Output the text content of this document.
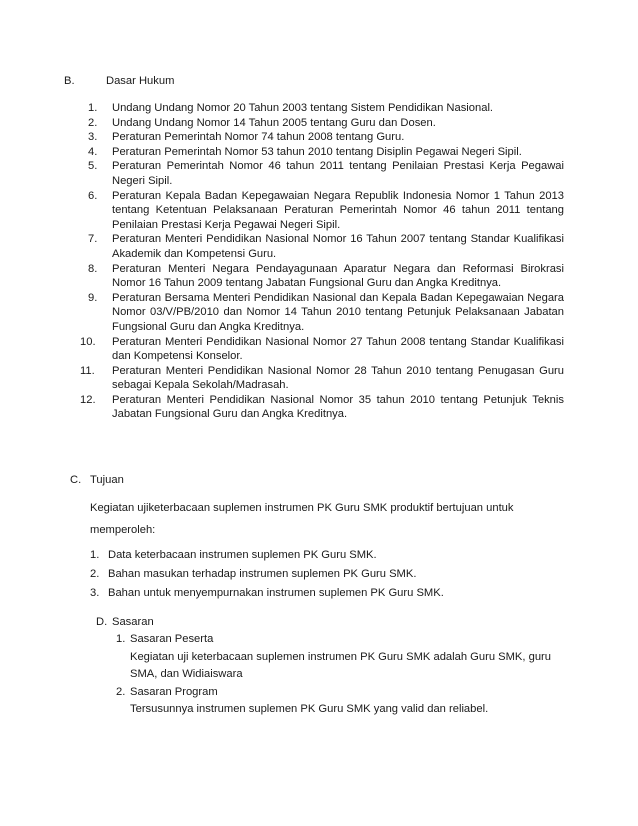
B.	Dasar Hukum
1.	Undang Undang Nomor 20 Tahun 2003 tentang Sistem Pendidikan Nasional.
2.	Undang Undang Nomor 14 Tahun 2005 tentang Guru dan Dosen.
3.	Peraturan Pemerintah Nomor 74 tahun 2008 tentang Guru.
4.	Peraturan Pemerintah Nomor 53 tahun 2010 tentang Disiplin Pegawai Negeri Sipil.
5.	Peraturan Pemerintah Nomor 46 tahun 2011 tentang Penilaian Prestasi Kerja Pegawai Negeri Sipil.
6.	Peraturan Kepala Badan Kepegawaian Negara Republik Indonesia Nomor 1 Tahun 2013 tentang Ketentuan Pelaksanaan Peraturan Pemerintah Nomor 46 tahun 2011 tentang Penilaian Prestasi Kerja Pegawai Negeri Sipil.
7.	Peraturan Menteri Pendidikan Nasional Nomor 16 Tahun 2007 tentang Standar Kualifikasi Akademik dan Kompetensi Guru.
8.	Peraturan Menteri Negara Pendayagunaan Aparatur Negara dan Reformasi Birokrasi Nomor 16 Tahun 2009 tentang Jabatan Fungsional Guru dan Angka Kreditnya.
9.	Peraturan Bersama Menteri Pendidikan Nasional dan Kepala Badan Kepegawaian Negara Nomor 03/V/PB/2010 dan Nomor 14 Tahun 2010 tentang Petunjuk Pelaksanaan Jabatan Fungsional Guru dan Angka Kreditnya.
10.	Peraturan Menteri Pendidikan Nasional Nomor 27 Tahun 2008 tentang Standar Kualifikasi dan Kompetensi Konselor.
11.	Peraturan Menteri Pendidikan Nasional Nomor 28 Tahun 2010 tentang Penugasan Guru sebagai Kepala Sekolah/Madrasah.
12.	Peraturan Menteri Pendidikan Nasional Nomor 35 tahun 2010 tentang Petunjuk Teknis Jabatan Fungsional Guru dan Angka Kreditnya.
C. Tujuan
Kegiatan ujiketerbacaan suplemen instrumen PK Guru SMK produktif bertujuan untuk memperoleh:
1. Data keterbacaan instrumen suplemen PK Guru SMK.
2. Bahan masukan terhadap instrumen suplemen PK Guru SMK.
3. Bahan untuk menyempurnakan instrumen suplemen PK Guru SMK.
D. Sasaran
1. Sasaran Peserta
Kegiatan uji keterbacaan suplemen instrumen PK Guru SMK adalah Guru SMK, guru SMA, dan Widiaiswara
2. Sasaran Program
Tersusunnya instrumen suplemen PK Guru SMK yang valid dan reliabel.
